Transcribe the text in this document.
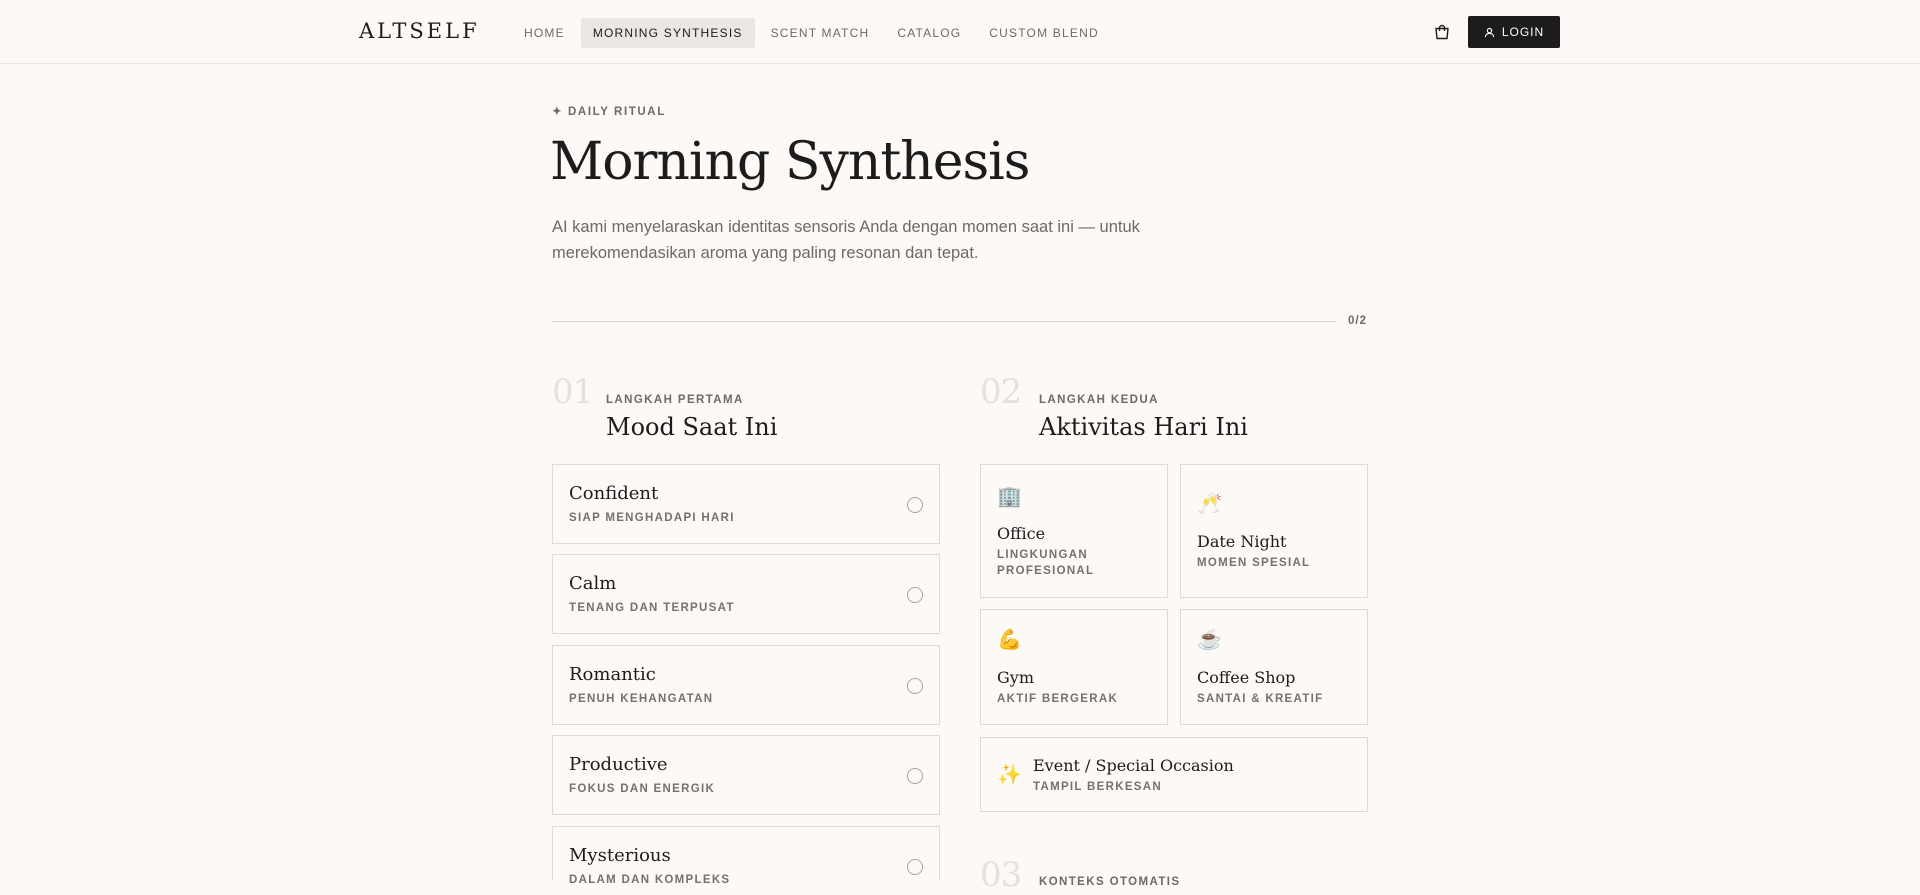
ALTSELF	HOME	MORNING SYNTHESIS	SCENT MATCH	CATALOG	CUSTOM BLEND	LOGIN
✦ DAILY RITUAL
Morning Synthesis

AI kami menyelaraskan identitas sensoris Anda dengan momen saat ini — untuk merekomendasikan aroma yang paling resonan dan tepat.

0/2
01 LANGKAH PERTAMA
Mood Saat Ini
Confident
SIAP MENGHADAPI HARI
Calm
TENANG DAN TERPUSAT
Romantic
PENUH KEHANGATAN
Productive
FOKUS DAN ENERGIK
Mysterious
DALAM DAN KOMPLEKS
02 LANGKAH KEDUA
Aktivitas Hari Ini
🏢
Office
LINGKUNGAN PROFESIONAL
🥂
Date Night
MOMEN SPESIAL
💪
Gym
AKTIF BERGERAK
☕
Coffee Shop
SANTAI & KREATIF
✨ Event / Special Occasion
TAMPIL BERKESAN
03 KONTEKS OTOMATIS
